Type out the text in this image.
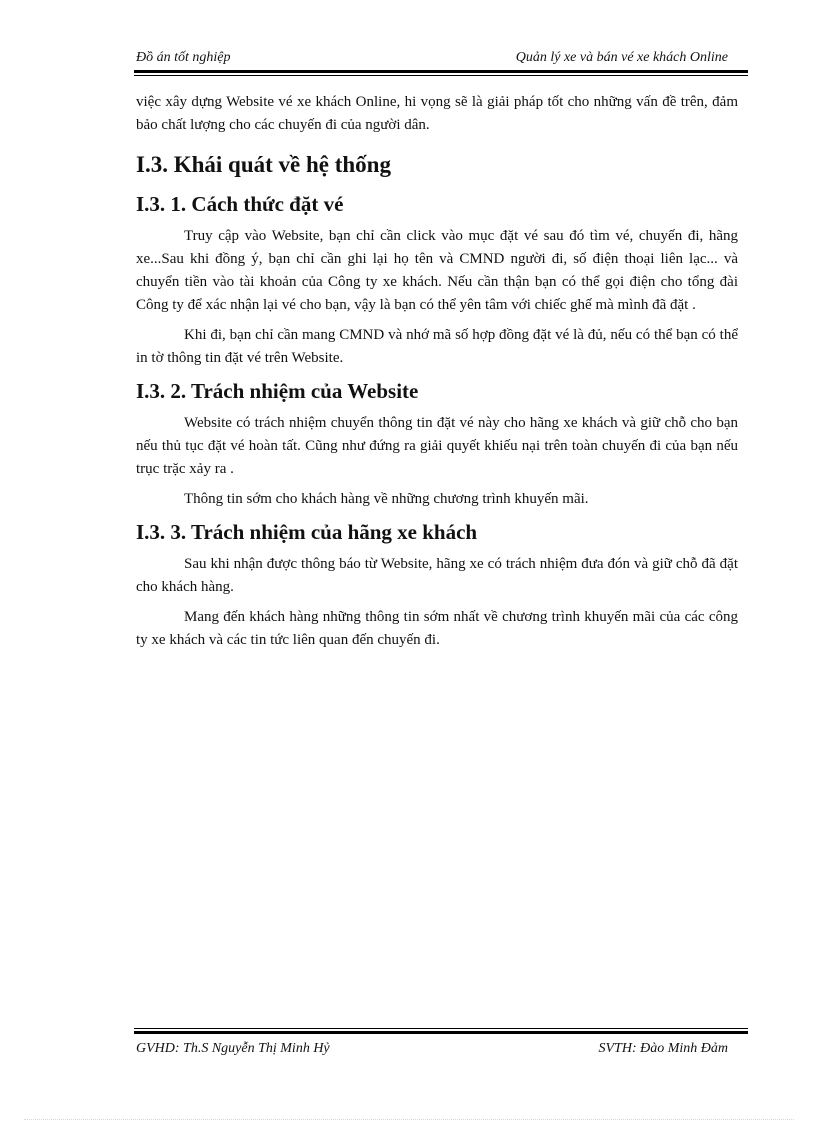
Đồ án tốt nghiệp	Quản lý xe và bán vé xe khách Online

việc xây dựng Website vé xe khách Online, hi vọng sẽ là giải pháp tốt cho những vấn đề trên, đảm bảo chất lượng cho các chuyến đi của người dân.

I.3. Khái quát về hệ thống
I.3. 1. Cách thức đặt vé

Truy cập vào Website, bạn chỉ cần click vào mục đặt vé sau đó tìm vé, chuyến đi, hãng xe...Sau khi đồng ý, bạn chỉ cần ghi lại họ tên và CMND người đi, số điện thoại liên lạc... và chuyển tiền vào tài khoản của Công ty xe khách. Nếu cần thận bạn có thể gọi điện cho tổng đài Công ty để xác nhận lại vé cho bạn, vậy là bạn có thể yên tâm với chiếc ghế mà mình đã đặt .

Khi đi, bạn chỉ cần mang CMND và nhớ mã số hợp đồng đặt vé là đủ, nếu có thể bạn có thể in tờ thông tin đặt vé trên Website.

I.3. 2. Trách nhiệm của Website

Website có trách nhiệm chuyển thông tin đặt vé này cho hãng xe khách và giữ chỗ cho bạn nếu thủ tục đặt vé hoàn tất. Cũng như đứng ra giải quyết khiếu nại trên toàn chuyến đi của bạn nếu trục trặc xảy ra .

Thông tin sớm cho khách hàng về những chương trình khuyến mãi.

I.3. 3. Trách nhiệm của hãng xe khách

Sau khi nhận được thông báo từ Website, hãng xe có trách nhiệm đưa đón và giữ chỗ đã đặt cho khách hàng.

Mang đến khách hàng những thông tin sớm nhất về chương trình khuyến mãi của các công ty xe khách và các tin tức liên quan đến chuyến đi.

GVHD: Th.S Nguyễn Thị Minh Hỷ	SVTH: Đào Minh Đảm
